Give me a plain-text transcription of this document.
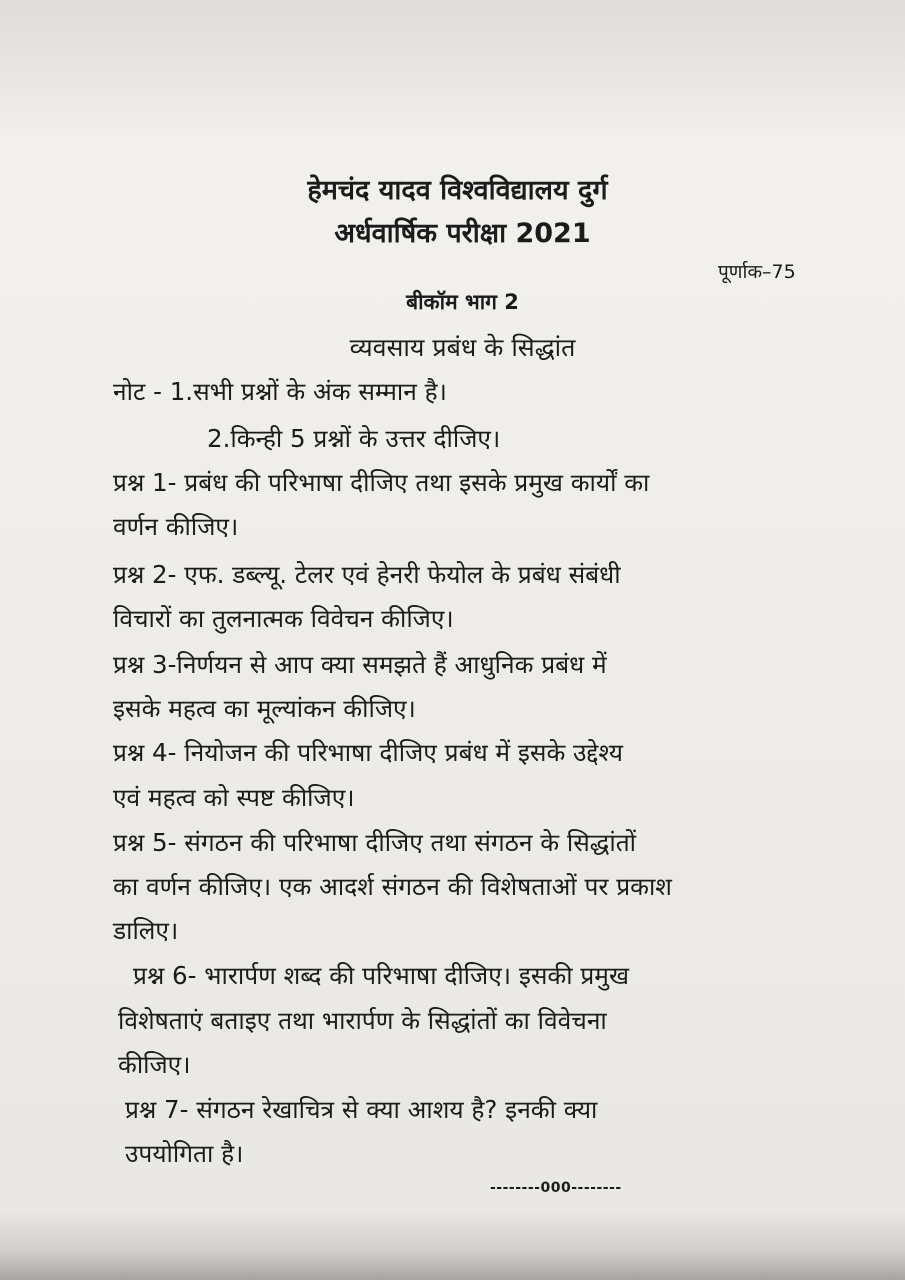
हेमचंद यादव विश्वविद्यालय दुर्ग
अर्धवार्षिक परीक्षा 2021
पूर्णाक–75
बीकॉम भाग 2
व्यवसाय प्रबंध के सिद्धांत
नोट - 1.सभी प्रश्नों के अंक सम्मान है।
2.किन्ही 5 प्रश्नों के उत्तर दीजिए।
प्रश्न 1- प्रबंध की परिभाषा दीजिए तथा इसके प्रमुख कार्यों का
वर्णन कीजिए।
प्रश्न 2- एफ. डब्ल्यू. टेलर एवं हेनरी फेयोल के प्रबंध संबंधी
विचारों का तुलनात्मक विवेचन कीजिए।
प्रश्न 3-निर्णयन से आप क्या समझते हैं आधुनिक प्रबंध में
इसके महत्व का मूल्यांकन कीजिए।
प्रश्न 4- नियोजन की परिभाषा दीजिए प्रबंध में इसके उद्देश्य
एवं महत्व को स्पष्ट कीजिए।
प्रश्न 5- संगठन की परिभाषा दीजिए तथा संगठन के सिद्धांतों
का वर्णन कीजिए। एक आदर्श संगठन की विशेषताओं पर प्रकाश
डालिए।
प्रश्न 6- भारार्पण शब्द की परिभाषा दीजिए। इसकी प्रमुख
विशेषताएं बताइए तथा भारार्पण के सिद्धांतों का विवेचना
कीजिए।
प्रश्न 7- संगठन रेखाचित्र से क्या आशय है? इनकी क्या
उपयोगिता है।
--------000--------
